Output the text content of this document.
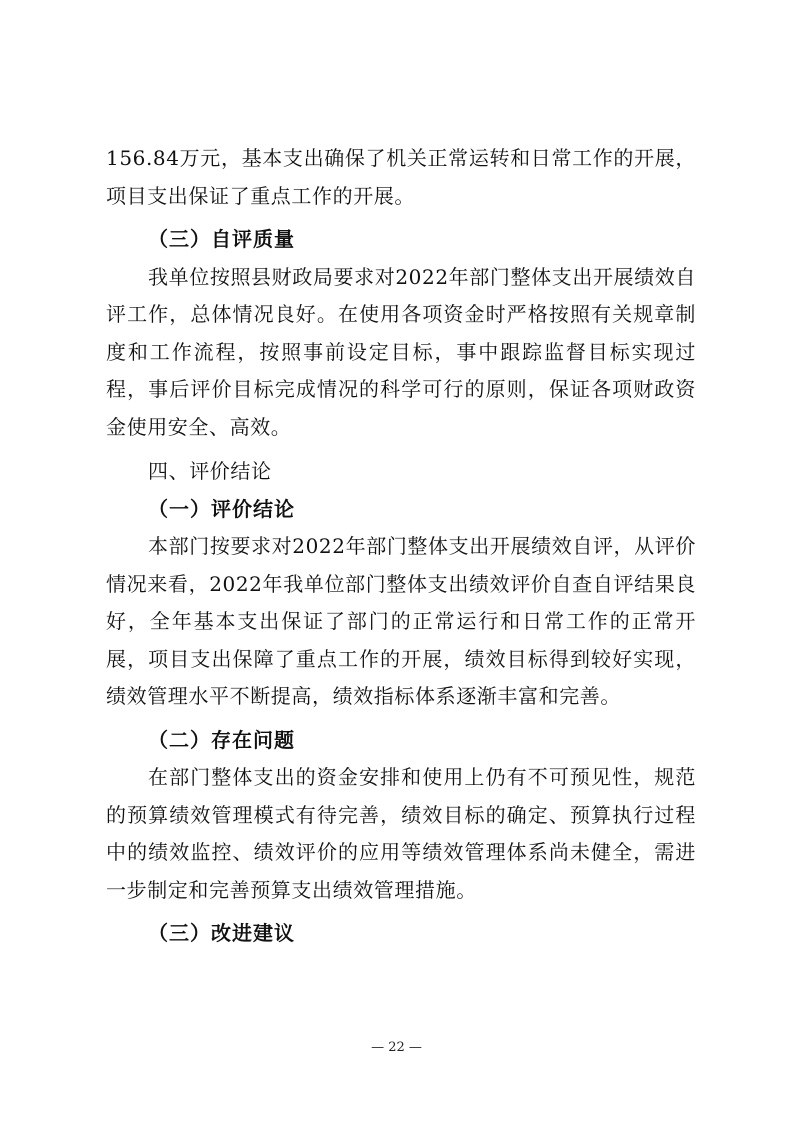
156.84万元，基本支出确保了机关正常运转和日常工作的开展，项目支出保证了重点工作的开展。

（三）自评质量

我单位按照县财政局要求对2022年部门整体支出开展绩效自评工作，总体情况良好。在使用各项资金时严格按照有关规章制度和工作流程，按照事前设定目标，事中跟踪监督目标实现过程，事后评价目标完成情况的科学可行的原则，保证各项财政资金使用安全、高效。

四、评价结论

（一）评价结论

本部门按要求对2022年部门整体支出开展绩效自评，从评价情况来看，2022年我单位部门整体支出绩效评价自查自评结果良好，全年基本支出保证了部门的正常运行和日常工作的正常开展，项目支出保障了重点工作的开展，绩效目标得到较好实现，绩效管理水平不断提高，绩效指标体系逐渐丰富和完善。

（二）存在问题

在部门整体支出的资金安排和使用上仍有不可预见性，规范的预算绩效管理模式有待完善，绩效目标的确定、预算执行过程中的绩效监控、绩效评价的应用等绩效管理体系尚未健全，需进一步制定和完善预算支出绩效管理措施。

（三）改进建议

— 22 —
